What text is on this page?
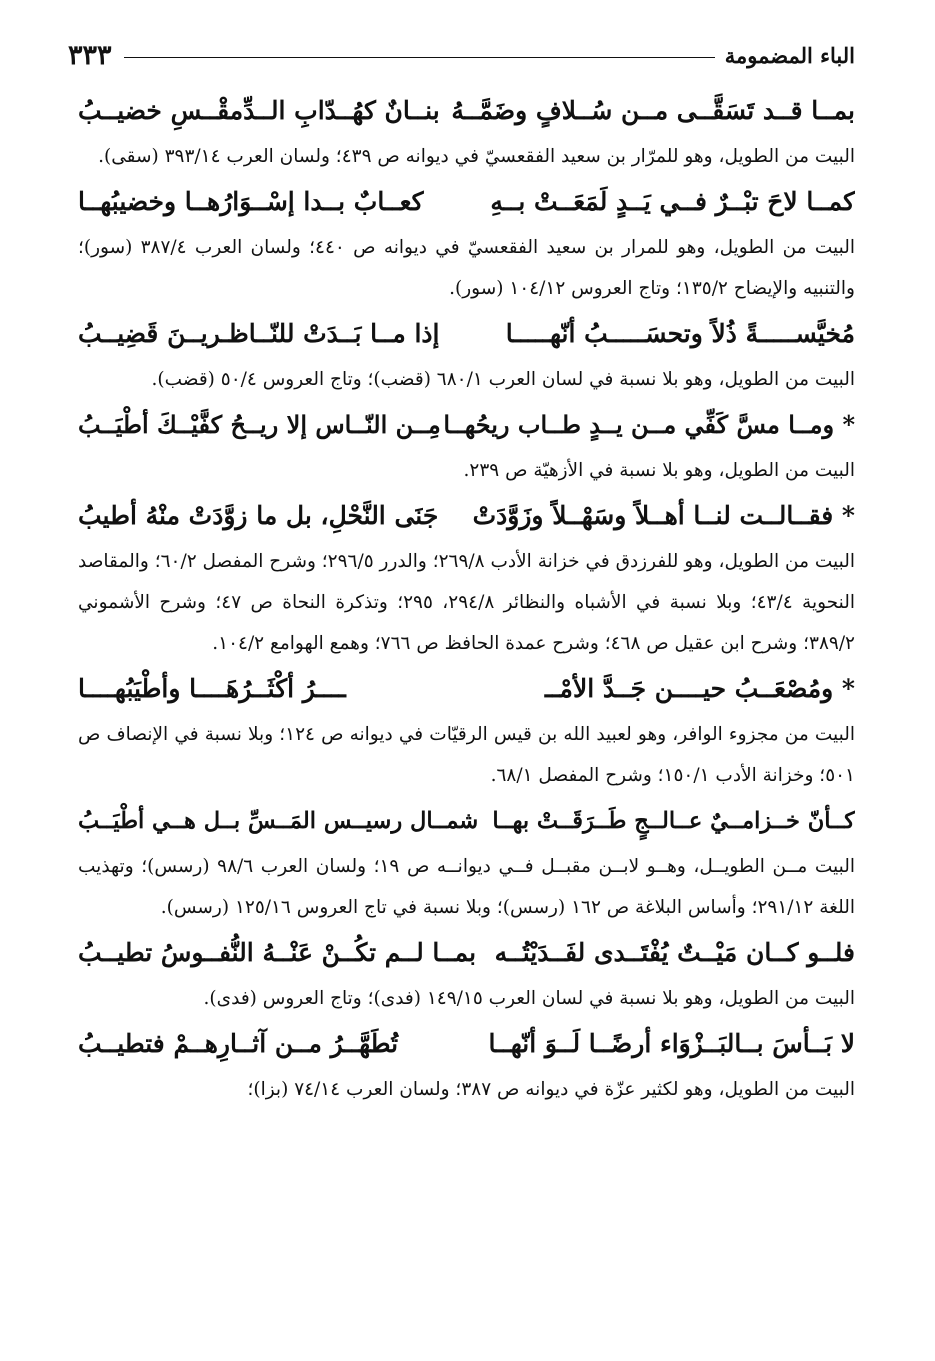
الباء المضمومة
٣٣٣
بمــا قــد تَسَقَّــى مــن سُــلافٍ وضَمَّــهُ
بنــانٌ كهُــدّابِ الــدِّمقْــسِ خضيــبُ

البيت من الطويل، وهو للمرّار بن سعيد الفقعسيّ في ديوانه ص ٤٣٩؛ ولسان العرب ٣٩٣/١٤ (سقى).

كمــا لاحَ تبْــرٌ فــي يَــدٍ لَمَعَــتْ بــهِ
كعــابٌ بــدا إسْــوَارُهــا وخضيبُهــا

البيت من الطويل، وهو للمرار بن سعيد الفقعسيّ في ديوانه ص ٤٤٠؛ ولسان العرب ٣٨٧/٤ (سور)؛ والتنبيه والإيضاح ١٣٥/٢؛ وتاج العروس ١٠٤/١٢ (سور).

مُخيَّســـــةً ذُلاً وتحسَـــــبُ أنّهـــــا
إذا مــا بَــدَتْ للنّــاظـريــنَ قَضِيــبُ

البيت من الطويل، وهو بلا نسبة في لسان العرب ٦٨٠/١ (قضب)؛ وتاج العروس ٥٠/٤ (قضب).

* ومــا مسَّ كَفِّي مــن يــدٍ طــاب ريحُهــا
مِــن النّــاس إلا ريــحُ كفَّيْــكَ أطْيَــبُ

البيت من الطويل، وهو بلا نسبة في الأزهيّة ص ٢٣٩.

* فقــالــت لنــا أهــلاً وسَهْــلاً وزَوَّدَتْ
جَنَى النَّحْلِ، بل ما زوَّدَتْ منْهُ أطيبُ

البيت من الطويل، وهو للفرزدق في خزانة الأدب ٢٦٩/٨؛ والدرر ٢٩٦/٥؛ وشرح المفصل ٦٠/٢؛ والمقاصد النحوية ٤٣/٤؛ وبلا نسبة في الأشباه والنظائر ٢٩٤/٨، ٢٩٥؛ وتذكرة النحاة ص ٤٧؛ وشرح الأشموني ٣٨٩/٢؛ وشرح ابن عقيل ص ٤٦٨؛ وشرح عمدة الحافظ ص ٧٦٦؛ وهمع الهوامع ١٠٤/٢.

* ومُصْعَــبُ حيــــن جَــدَّ الأمْــ
ــــرُ أكْثَــرُهَــــا وأطْيَبُهــــا

البيت من مجزوء الوافر، وهو لعبيد الله بن قيس الرقيّات في ديوانه ص ١٢٤؛ وبلا نسبة في الإنصاف ص ٥٠١؛ وخزانة الأدب ١٥٠/١؛ وشرح المفصل ٦٨/١.

كــأنّ خــزامــيٌ عــالــجٍ طَــرَقَــتْ بهــا
شمــال رسيــس المَــسِّ بــل هــي أطْيَــبُ

البيت مــن الطويــل، وهــو لابــن مقبــل فــي ديوانــه ص ١٩؛ ولسان العرب ٩٨/٦ (رسس)؛ وتهذيب اللغة ٢٩١/١٢؛ وأساس البلاغة ص ١٦٢ (رسس)؛ وبلا نسبة في تاج العروس ١٢٥/١٦ (رسس).

فلــو كــان مَيْــتٌ يُفْتَــدى لفَــدَيْتُــه
بمــا لــم تكُــنْ عَنْــهُ النُّفــوسُ تطيــبُ

البيت من الطويل، وهو بلا نسبة في لسان العرب ١٤٩/١٥ (فدى)؛ وتاج العروس (فدى).

لا بَــأسَ بــالبَــزْوَاء أرضًــا لَــوَ أنّهــا
تُطَهَّــرُ مــن آثــارِهــمْ فتطيــبُ

البيت من الطويل، وهو لكثير عزّة في ديوانه ص ٣٨٧؛ ولسان العرب ٧٤/١٤ (بزا)؛
